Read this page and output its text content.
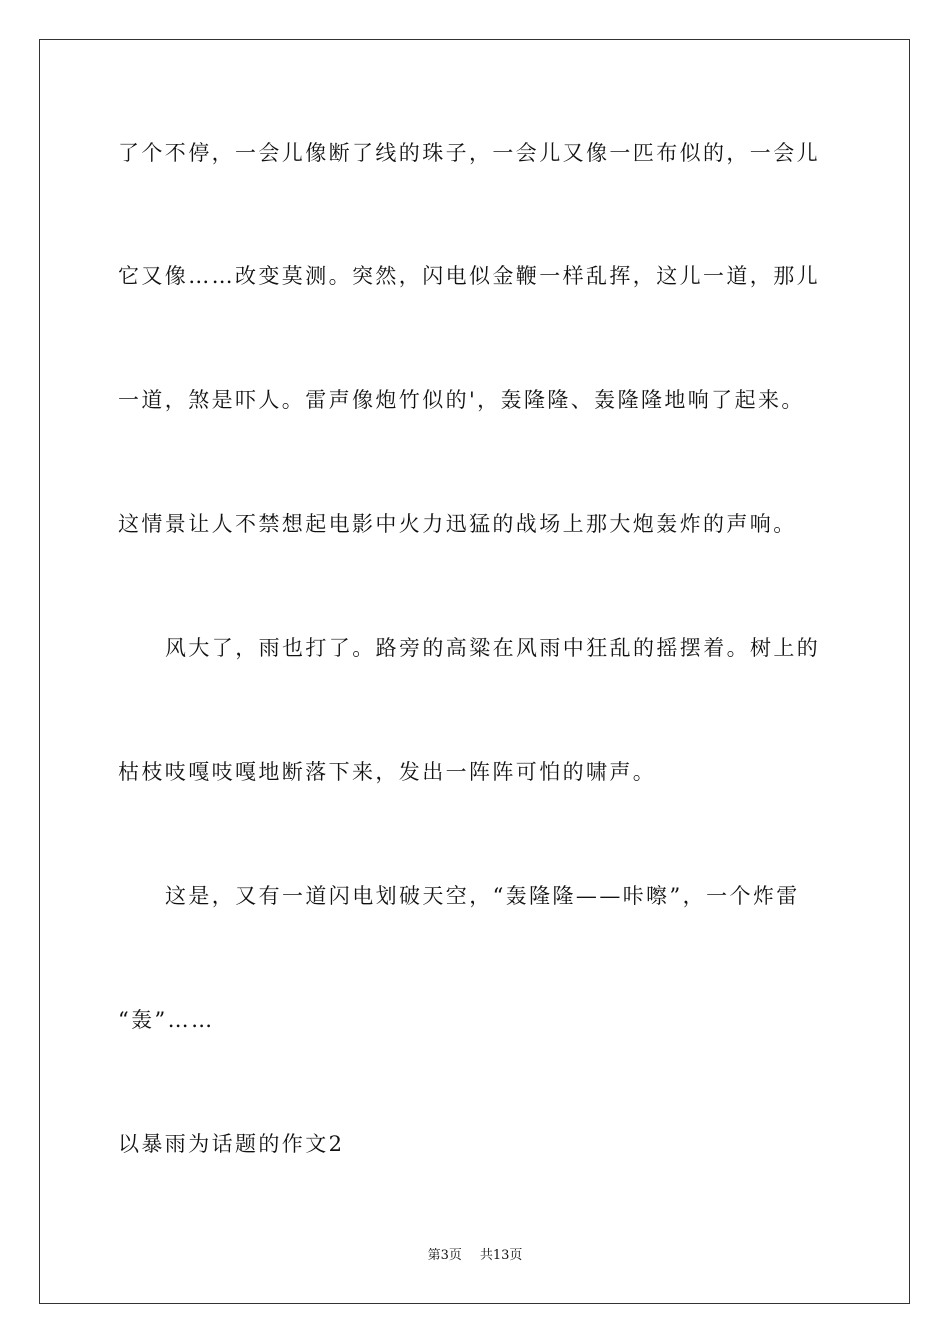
了个不停，一会儿像断了线的珠子，一会儿又像一匹布似的，一会儿
它又像……改变莫测。突然，闪电似金鞭一样乱挥，这儿一道，那儿
一道，煞是吓人。雷声像炮竹似的'，轰隆隆、轰隆隆地响了起来。
这情景让人不禁想起电影中火力迅猛的战场上那大炮轰炸的声响。
风大了，雨也打了。路旁的高粱在风雨中狂乱的摇摆着。树上的
枯枝吱嘎吱嘎地断落下来，发出一阵阵可怕的啸声。
这是，又有一道闪电划破天空，“轰隆隆——咔嚓”，一个炸雷
“轰”……
以暴雨为话题的作文2
第3页 共13页
